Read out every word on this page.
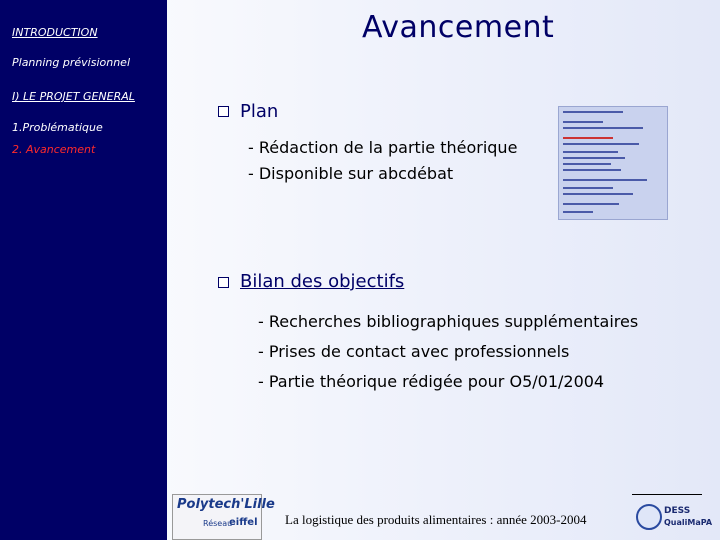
INTRODUCTION
Planning prévisionnel
I) LE PROJET GENERAL
1.Problématique
2. Avancement
Avancement
Plan
- Rédaction de la partie théorique
- Disponible sur abcdébat
Bilan des objectifs
- Recherches bibliographiques supplémentaires
- Prises de contact avec professionnels
- Partie théorique rédigée pour O5/01/2004
Polytech'Lille
Réseau
eiffel La logistique des produits alimentaires : année 2003-2004
DESS
QualiMaPA
